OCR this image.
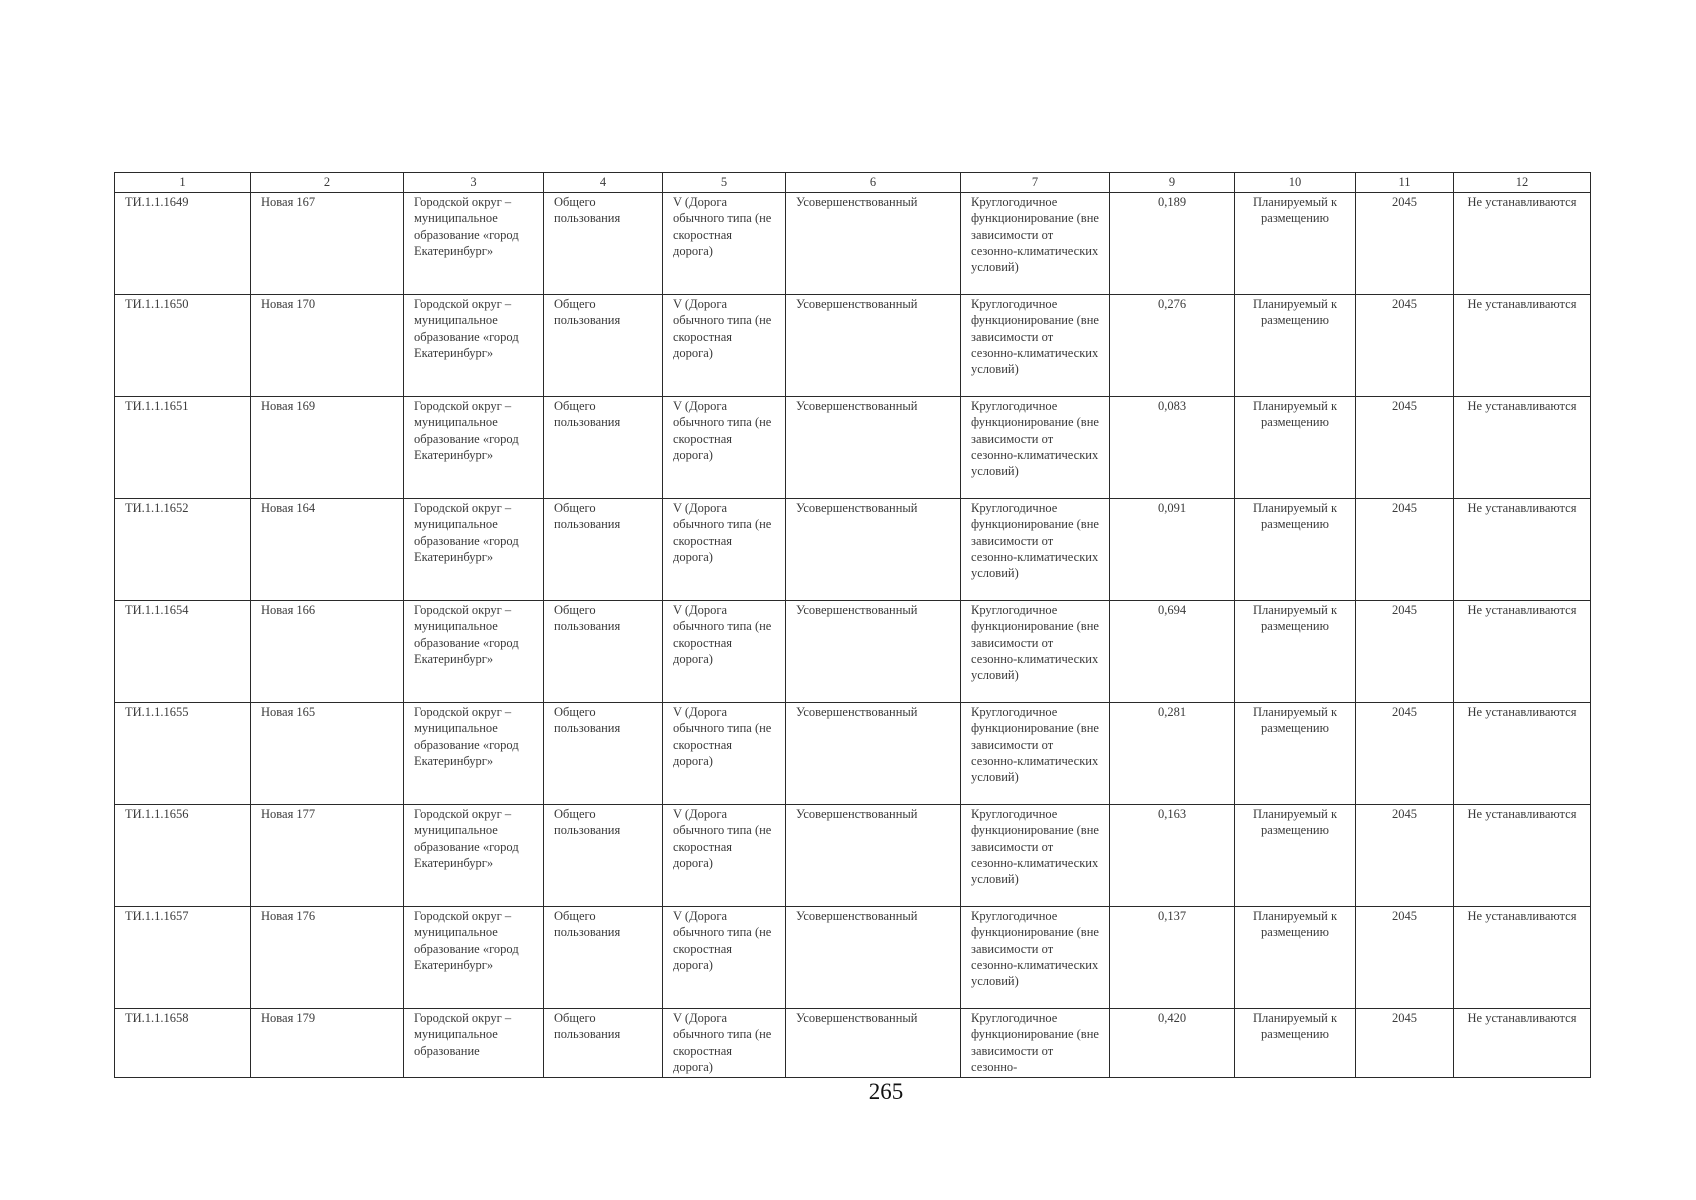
1	2	3	4	5	6	7	9	10	11	12
ТИ.1.1.1649	Новая 167	Городской округ – муниципальное образование «город Екатеринбург»	Общего пользования	V (Дорога обычного типа (не скоростная дорога)	Усовершенствованный	Круглогодичное функционирование (вне зависимости от сезонно-климатических условий)	0,189	Планируемый к размещению	2045	Не устанавливаются
ТИ.1.1.1650	Новая 170	Городской округ – муниципальное образование «город Екатеринбург»	Общего пользования	V (Дорога обычного типа (не скоростная дорога)	Усовершенствованный	Круглогодичное функционирование (вне зависимости от сезонно-климатических условий)	0,276	Планируемый к размещению	2045	Не устанавливаются
ТИ.1.1.1651	Новая 169	Городской округ – муниципальное образование «город Екатеринбург»	Общего пользования	V (Дорога обычного типа (не скоростная дорога)	Усовершенствованный	Круглогодичное функционирование (вне зависимости от сезонно-климатических условий)	0,083	Планируемый к размещению	2045	Не устанавливаются
ТИ.1.1.1652	Новая 164	Городской округ – муниципальное образование «город Екатеринбург»	Общего пользования	V (Дорога обычного типа (не скоростная дорога)	Усовершенствованный	Круглогодичное функционирование (вне зависимости от сезонно-климатических условий)	0,091	Планируемый к размещению	2045	Не устанавливаются
ТИ.1.1.1654	Новая 166	Городской округ – муниципальное образование «город Екатеринбург»	Общего пользования	V (Дорога обычного типа (не скоростная дорога)	Усовершенствованный	Круглогодичное функционирование (вне зависимости от сезонно-климатических условий)	0,694	Планируемый к размещению	2045	Не устанавливаются
ТИ.1.1.1655	Новая 165	Городской округ – муниципальное образование «город Екатеринбург»	Общего пользования	V (Дорога обычного типа (не скоростная дорога)	Усовершенствованный	Круглогодичное функционирование (вне зависимости от сезонно-климатических условий)	0,281	Планируемый к размещению	2045	Не устанавливаются
ТИ.1.1.1656	Новая 177	Городской округ – муниципальное образование «город Екатеринбург»	Общего пользования	V (Дорога обычного типа (не скоростная дорога)	Усовершенствованный	Круглогодичное функционирование (вне зависимости от сезонно-климатических условий)	0,163	Планируемый к размещению	2045	Не устанавливаются
ТИ.1.1.1657	Новая 176	Городской округ – муниципальное образование «город Екатеринбург»	Общего пользования	V (Дорога обычного типа (не скоростная дорога)	Усовершенствованный	Круглогодичное функционирование (вне зависимости от сезонно-климатических условий)	0,137	Планируемый к размещению	2045	Не устанавливаются
ТИ.1.1.1658	Новая 179	Городской округ – муниципальное образование	Общего пользования	V (Дорога обычного типа (не скоростная дорога)	Усовершенствованный	Круглогодичное функционирование (вне зависимости от сезонно-	0,420	Планируемый к размещению	2045	Не устанавливаются
265
